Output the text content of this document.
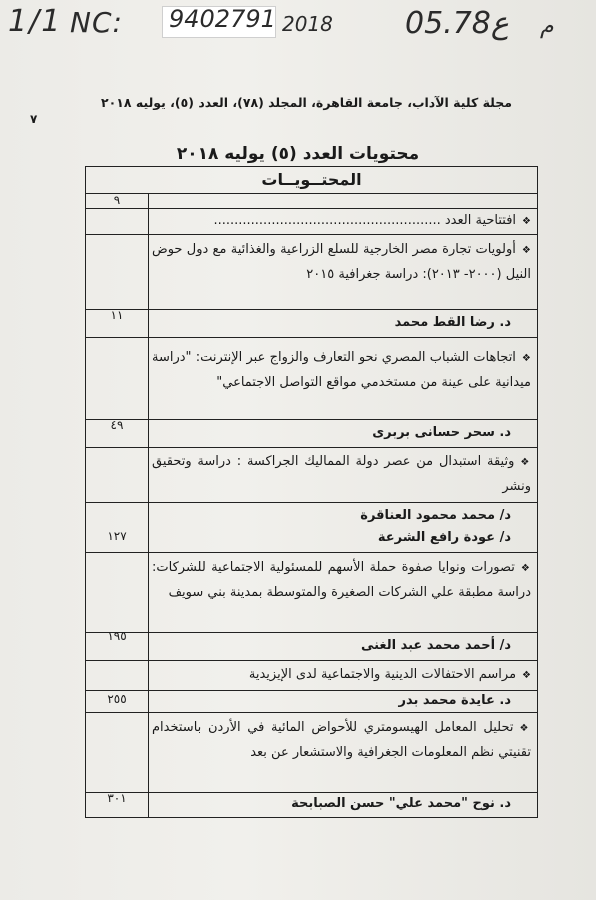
1/1 NC: 9402791 2018 05.ع78 م
مجلة كلية الآداب، جامعة القاهرة، المجلد (٧٨)، العدد (٥)، يوليه ٢٠١٨
٧
محتويات العدد (٥) يوليه ٢٠١٨
المحتــويــات
٩
❖ افتتاحية العدد .......................................................
❖ أولويات تجارة مصر الخارجية للسلع الزراعية والغذائية مع دول حوض النيل (٢٠٠٠- ٢٠١٣): دراسة جغرافية ٢٠١٥
د. رضا القط محمد
١١
❖ اتجاهات الشباب المصري نحو التعارف والزواج عبر الإنترنت: "دراسة ميدانية على عينة من مستخدمي مواقع التواصل الاجتماعي"
د. سحر حسانى بربرى
٤٩
❖ وثيقة استبدال من عصر دولة المماليك الجراكسة : دراسة وتحقيق ونشر
د/ محمد محمود العناقرة
د/ عودة رافع الشرعة
١٢٧
❖ تصورات ونوايا صفوة حملة الأسهم للمسئولية الاجتماعية للشركات: دراسة مطبقة علي الشركات الصغيرة والمتوسطة بمدينة بني سويف
د/ أحمد محمد عبد الغنى
١٩٥
❖ مراسم الاحتفالات الدينية والاجتماعية لدى الإيزيدية
د. عايدة محمد بدر
٢٥٥
❖ تحليل المعامل الهيسومتري للأحواض المائية في الأردن باستخدام تقنيتي نظم المعلومات الجغرافية والاستشعار عن بعد
د. نوح "محمد علي" حسن الصبابحة
٣٠١
